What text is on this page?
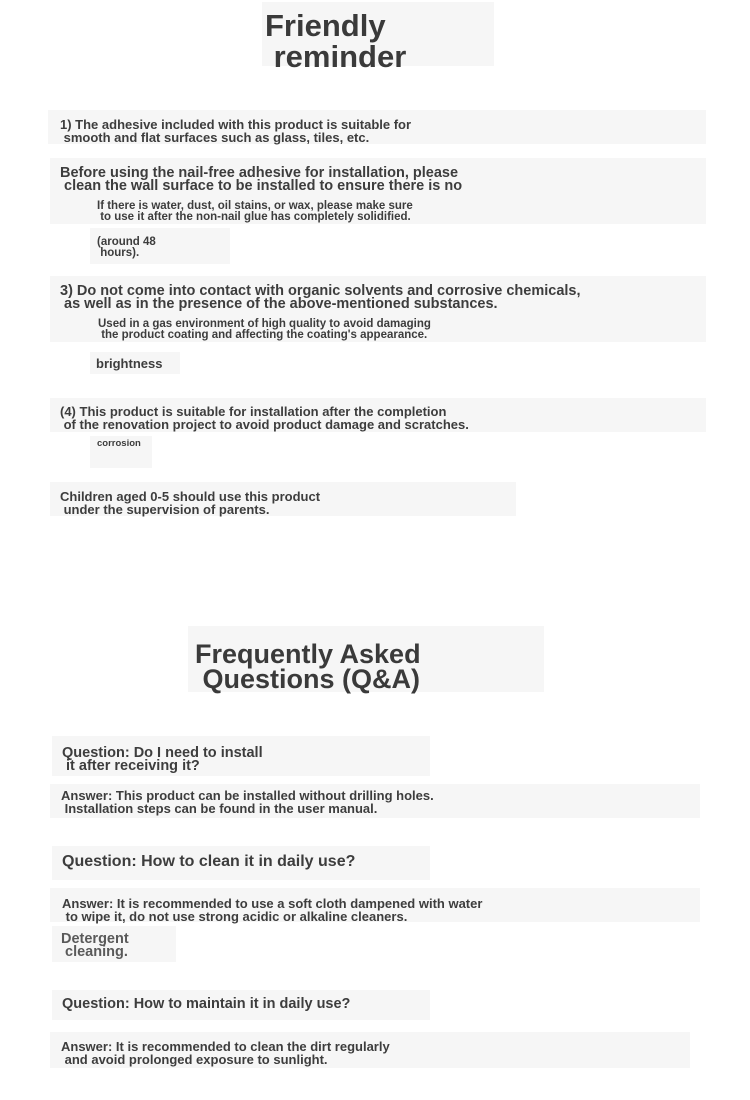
Friendly
reminder

1) The adhesive included with this product is suitable for
smooth and flat surfaces such as glass, tiles, etc.

Before using the nail-free adhesive for installation, please
clean the wall surface to be installed to ensure there is no

If there is water, dust, oil stains, or wax, please make sure
to use it after the non-nail glue has completely solidified.

(around 48
hours).

3) Do not come into contact with organic solvents and corrosive chemicals,
as well as in the presence of the above-mentioned substances.

Used in a gas environment of high quality to avoid damaging
the product coating and affecting the coating's appearance.

brightness

(4) This product is suitable for installation after the completion
of the renovation project to avoid product damage and scratches.

corrosion

Children aged 0-5 should use this product
under the supervision of parents.

Frequently Asked
Questions (Q&A)

Question: Do I need to install
it after receiving it?

Answer: This product can be installed without drilling holes.
Installation steps can be found in the user manual.

Question: How to clean it in daily use?

Answer: It is recommended to use a soft cloth dampened with water
to wipe it, do not use strong acidic or alkaline cleaners.

Detergent
cleaning.

Question: How to maintain it in daily use?

Answer: It is recommended to clean the dirt regularly
and avoid prolonged exposure to sunlight.
